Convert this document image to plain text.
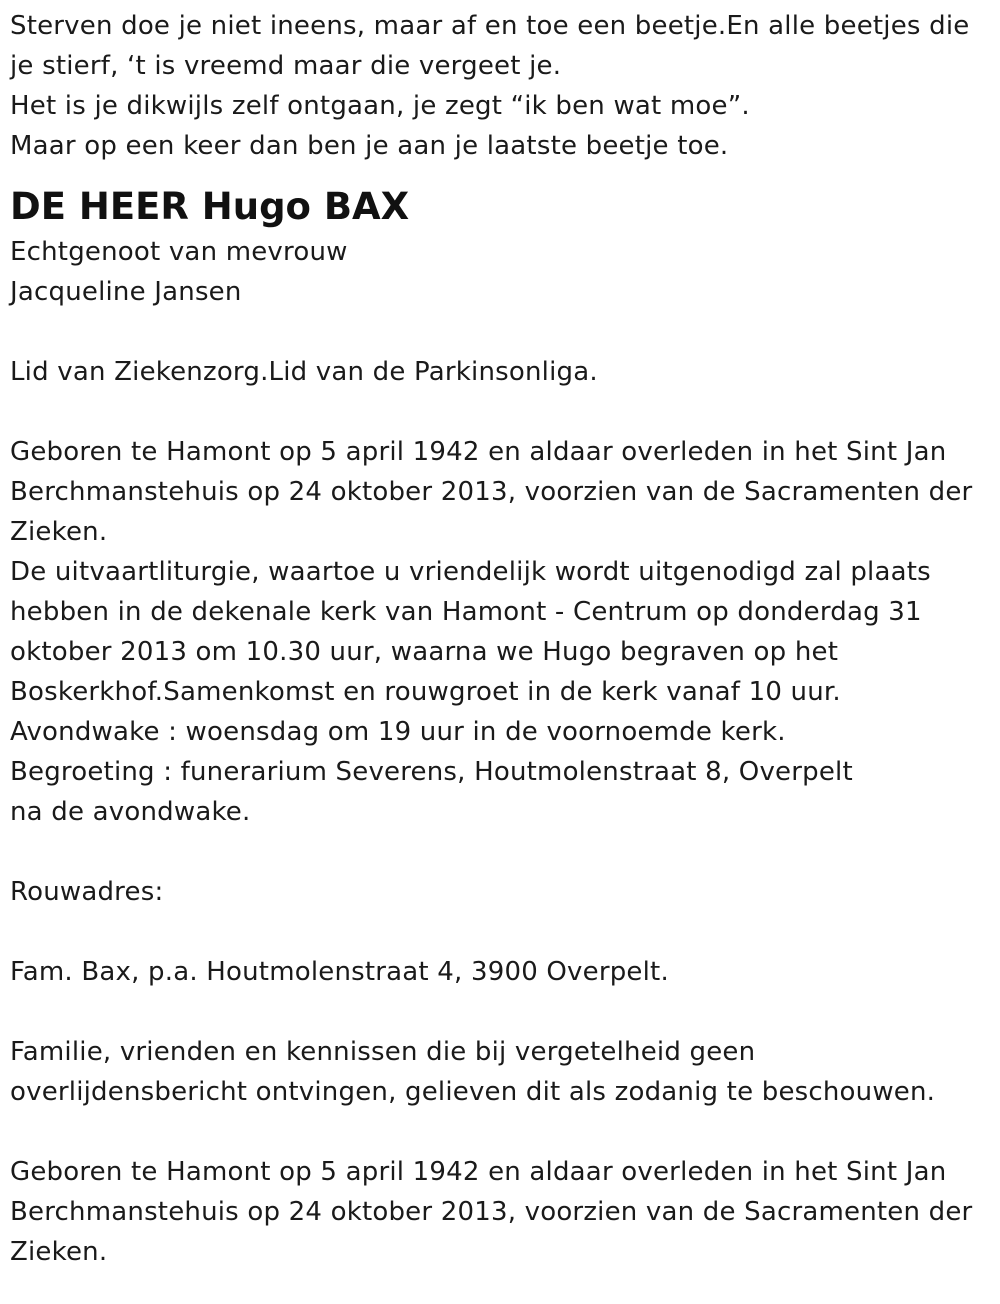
Sterven doe je niet ineens, maar af en toe een beetje.En alle beetjes die
je stierf, ‘t is vreemd maar die vergeet je.
Het is je dikwijls zelf ontgaan, je zegt “ik ben wat moe”.
Maar op een keer dan ben je aan je laatste beetje toe.
DE HEER Hugo BAX
Echtgenoot van mevrouw
Jacqueline Jansen
Lid van Ziekenzorg.Lid van de Parkinsonliga.
Geboren te Hamont op 5 april 1942 en aldaar overleden in het Sint Jan
Berchmanstehuis op 24 oktober 2013, voorzien van de Sacramenten der
Zieken.
De uitvaartliturgie, waartoe u vriendelijk wordt uitgenodigd zal plaats
hebben in de dekenale kerk van Hamont - Centrum op donderdag 31
oktober 2013 om 10.30 uur, waarna we Hugo begraven op het
Boskerkhof.Samenkomst en rouwgroet in de kerk vanaf 10 uur.
Avondwake : woensdag om 19 uur in de voornoemde kerk.
Begroeting : funerarium Severens, Houtmolenstraat 8, Overpelt
na de avondwake.
Rouwadres:
Fam. Bax, p.a. Houtmolenstraat 4, 3900 Overpelt.
Familie, vrienden en kennissen die bij vergetelheid geen
overlijdensbericht ontvingen, gelieven dit als zodanig te beschouwen.
Geboren te Hamont op 5 april 1942 en aldaar overleden in het Sint Jan
Berchmanstehuis op 24 oktober 2013, voorzien van de Sacramenten der
Zieken.
